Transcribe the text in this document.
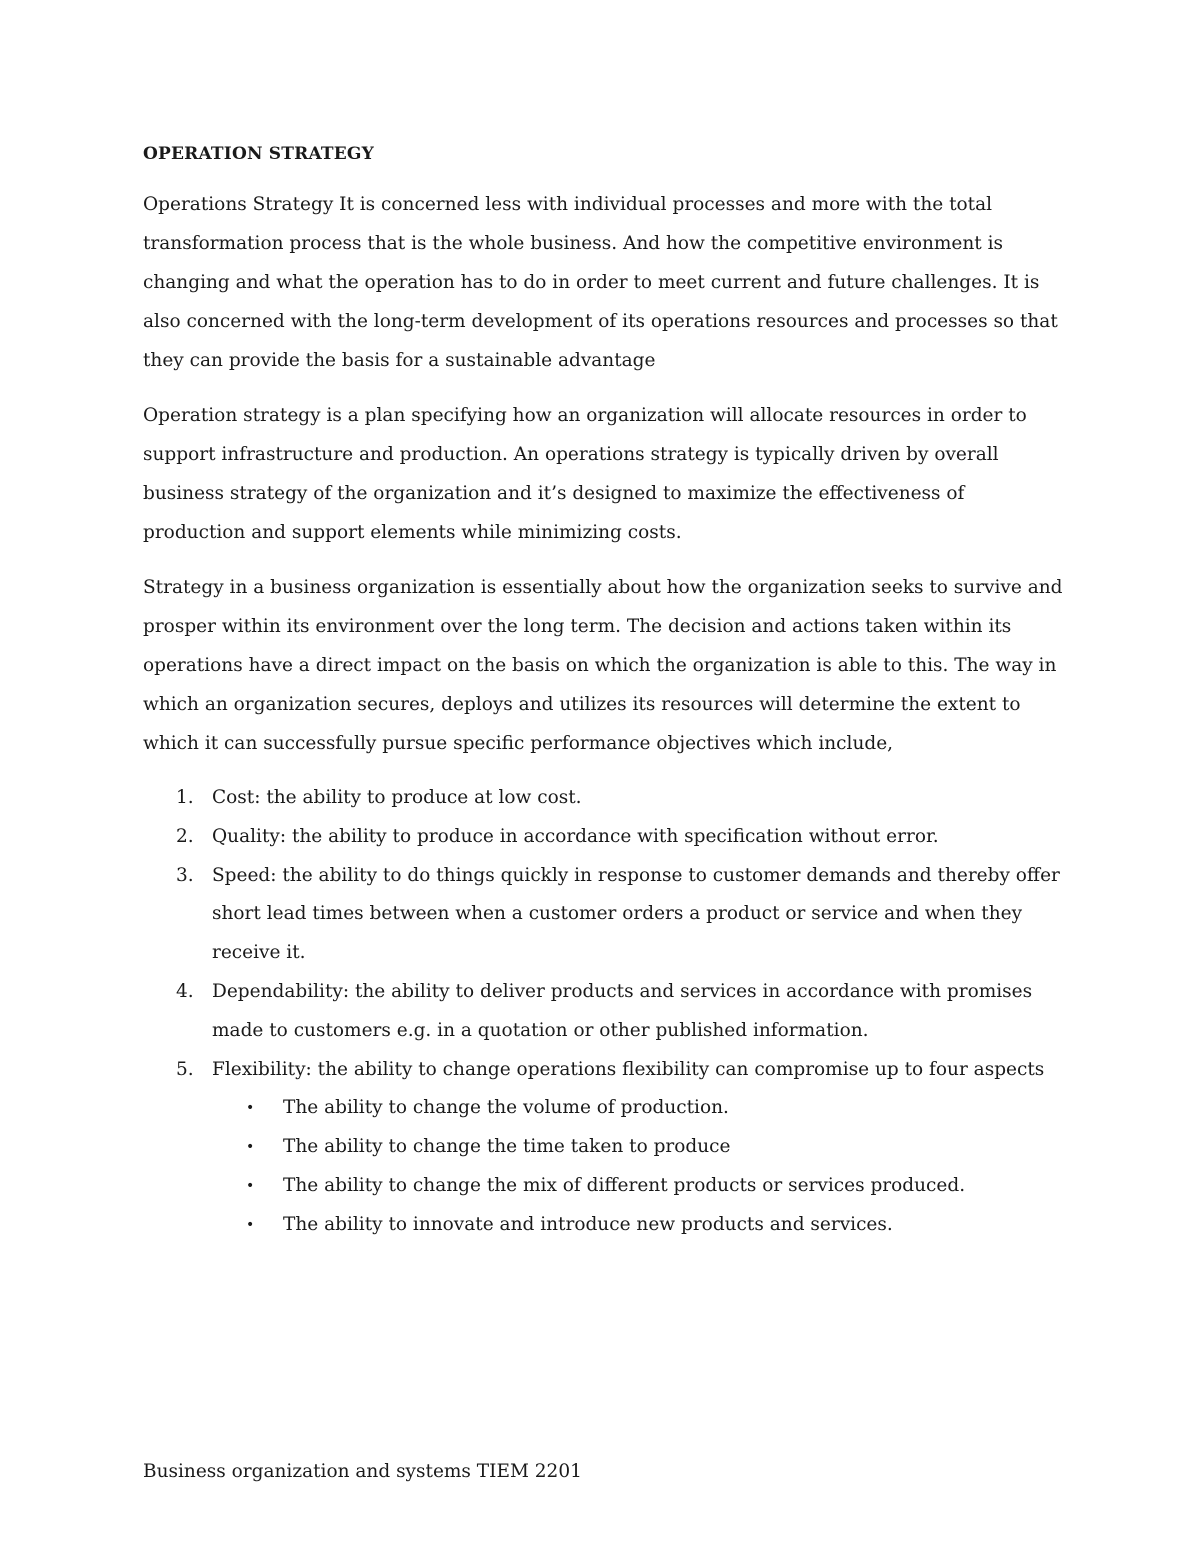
OPERATION STRATEGY

Operations Strategy It is concerned less with individual processes and more with the total transformation process that is the whole business. And how the competitive environment is changing and what the operation has to do in order to meet current and future challenges. It is also concerned with the long-term development of its operations resources and processes so that they can provide the basis for a sustainable advantage

Operation strategy is a plan specifying how an organization will allocate resources in order to support infrastructure and production. An operations strategy is typically driven by overall business strategy of the organization and it’s designed to maximize the effectiveness of production and support elements while minimizing costs.

Strategy in a business organization is essentially about how the organization seeks to survive and prosper within its environment over the long term. The decision and actions taken within its operations have a direct impact on the basis on which the organization is able to this. The way in which an organization secures, deploys and utilizes its resources will determine the extent to which it can successfully pursue specific performance objectives which include,

1. Cost: the ability to produce at low cost.
2. Quality: the ability to produce in accordance with specification without error.
3. Speed: the ability to do things quickly in response to customer demands and thereby offer short lead times between when a customer orders a product or service and when they receive it.
4. Dependability: the ability to deliver products and services in accordance with promises made to customers e.g. in a quotation or other published information.
5. Flexibility: the ability to change operations flexibility can compromise up to four aspects
• The ability to change the volume of production.
• The ability to change the time taken to produce
• The ability to change the mix of different products or services produced.
• The ability to innovate and introduce new products and services.
Business organization and systems TIEM 2201
